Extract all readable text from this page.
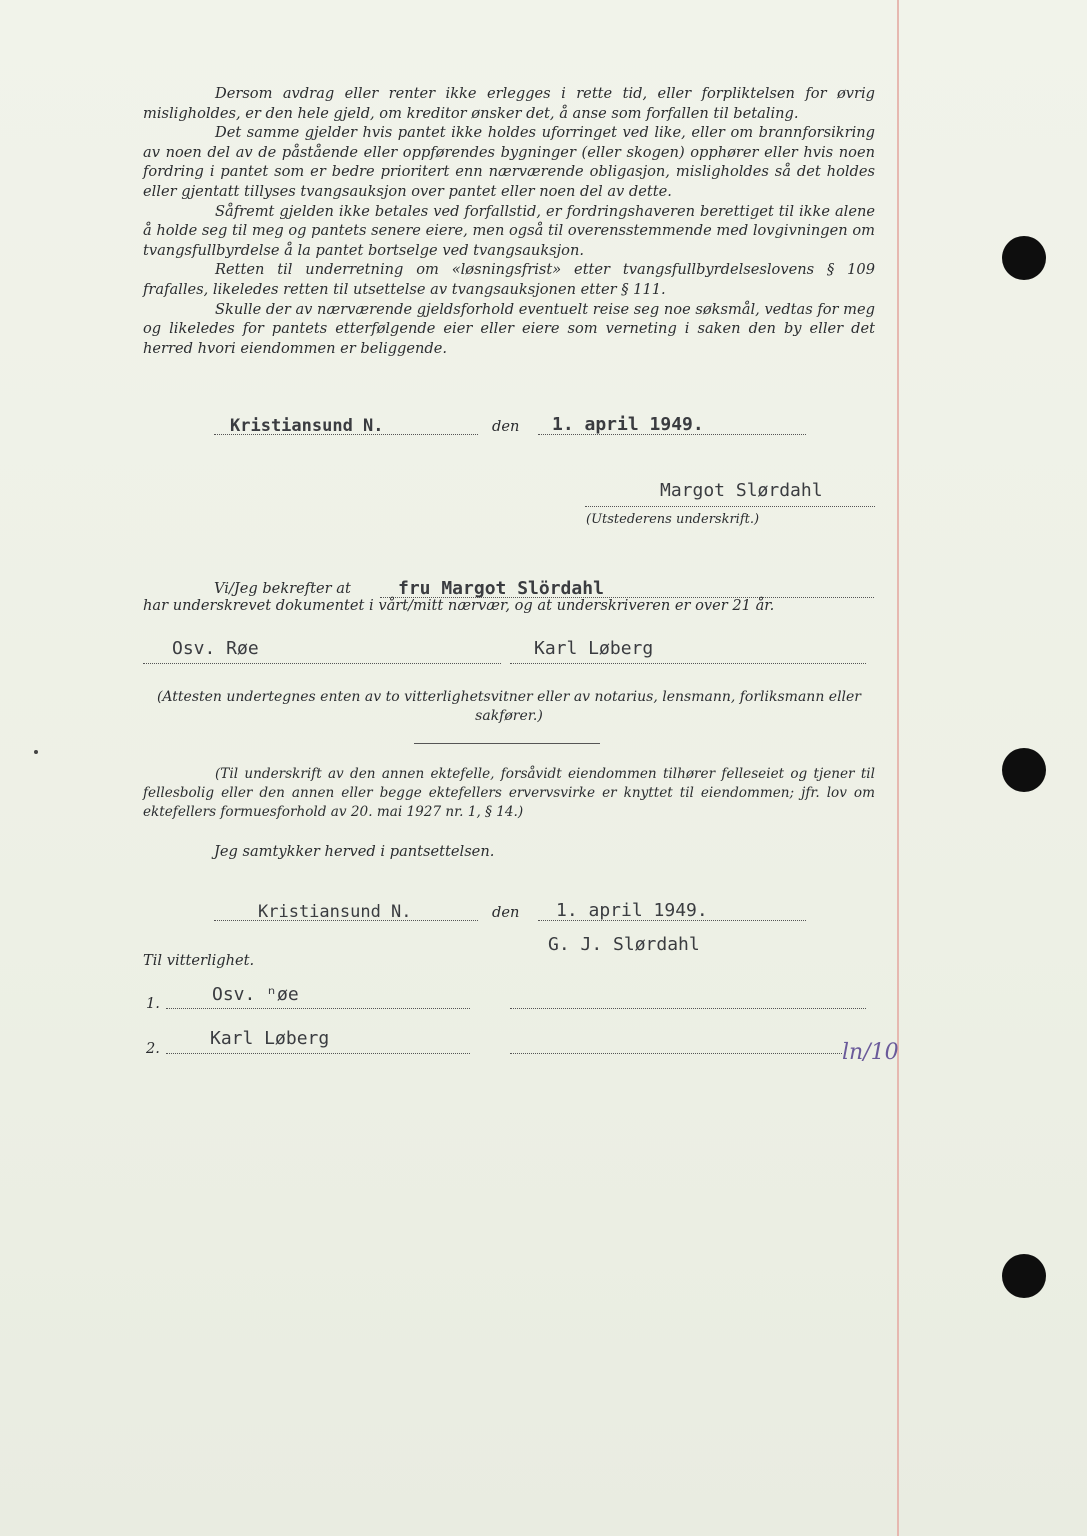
Dersom avdrag eller renter ikke erlegges i rette tid, eller forpliktelsen for øvrig misligholdes, er den hele gjeld, om kreditor ønsker det, å anse som forfallen til betaling.

Det samme gjelder hvis pantet ikke holdes uforringet ved like, eller om brannforsikring av noen del av de påstående eller oppførendes bygninger (eller skogen) opphører eller hvis noen fordring i pantet som er bedre prioritert enn nærværende obligasjon, misligholdes så det holdes eller gjentatt tillyses tvangsauksjon over pantet eller noen del av dette.

Såfremt gjelden ikke betales ved forfallstid, er fordringshaveren berettiget til ikke alene å holde seg til meg og pantets senere eiere, men også til overensstemmende med lovgivningen om tvangsfullbyrdelse å la pantet bortselge ved tvangsauksjon.

Retten til underretning om «løsningsfrist» etter tvangsfullbyrdelseslovens § 109 frafalles, likeledes retten til utsettelse av tvangsauksjonen etter § 111.

Skulle der av nærværende gjeldsforhold eventuelt reise seg noe søksmål, vedtas for meg og likeledes for pantets etterfølgende eier eller eiere som verneting i saken den by eller det herred hvori eiendommen er beliggende.

Kristiansund N.	den 1. april 1949.
Margot Slørdahl
(Utstederens underskrift.)
Vi/Jeg bekrefter at	fru Margot Slördahl
har underskrevet dokumentet i vårt/mitt nærvær, og at underskriveren er over 21 år.
Osv. Røe	Karl Løberg
(Attesten undertegnes enten av to vitterlighetsvitner eller av notarius, lensmann, forliksmann eller sakfører.)
(Til underskrift av den annen ektefelle, forsåvidt eiendommen tilhører felleseiet og tjener til fellesbolig eller den annen eller begge ektefellers ervervsvirke er knyttet til eiendommen; jfr. lov om ektefellers formuesforhold av 20. mai 1927 nr. 1, § 14.)
Jeg samtykker herved i pantsettelsen.
Kristiansund N.	den 1. april 1949.
G. J. Slørdahl
Til vitterlighet.
1.	Osv. ⁿøe
2.	Karl Løberg
ln/10
